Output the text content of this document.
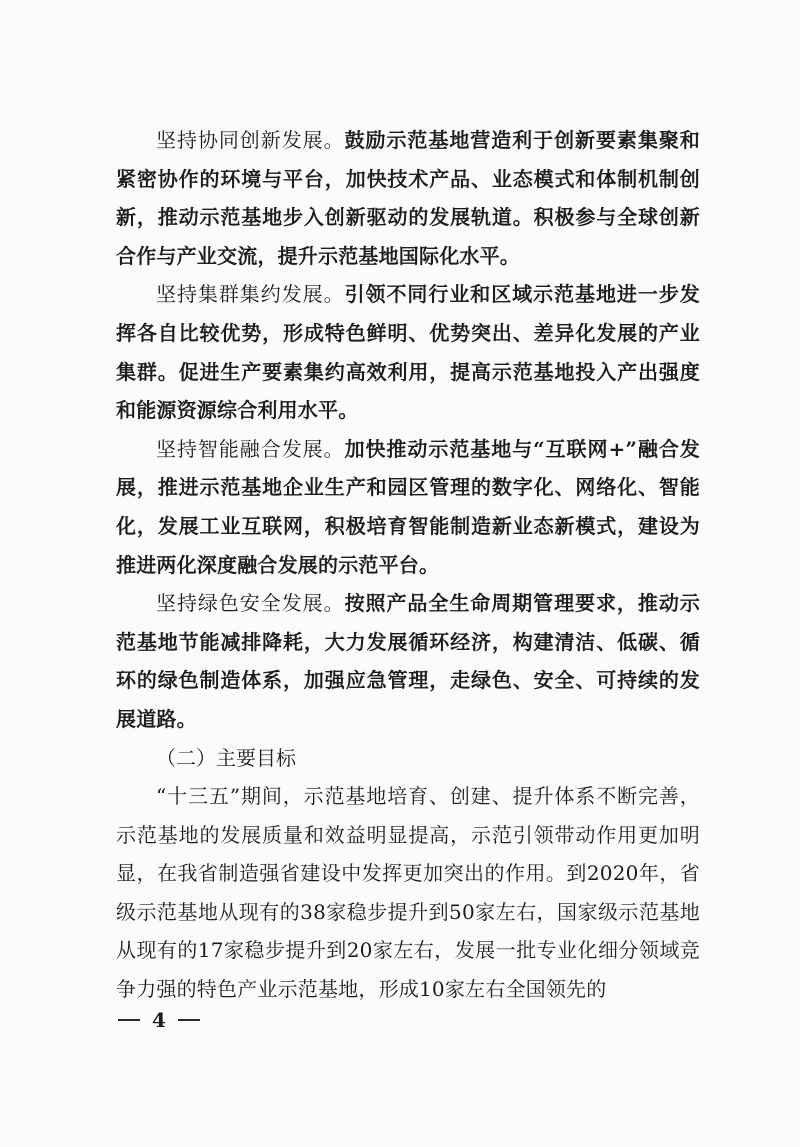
坚持协同创新发展。鼓励示范基地营造利于创新要素集聚和紧密协作的环境与平台，加快技术产品、业态模式和体制机制创新，推动示范基地步入创新驱动的发展轨道。积极参与全球创新合作与产业交流，提升示范基地国际化水平。

坚持集群集约发展。引领不同行业和区域示范基地进一步发挥各自比较优势，形成特色鲜明、优势突出、差异化发展的产业集群。促进生产要素集约高效利用，提高示范基地投入产出强度和能源资源综合利用水平。

坚持智能融合发展。加快推动示范基地与“互联网+”融合发展，推进示范基地企业生产和园区管理的数字化、网络化、智能化，发展工业互联网，积极培育智能制造新业态新模式，建设为推进两化深度融合发展的示范平台。

坚持绿色安全发展。按照产品全生命周期管理要求，推动示范基地节能减排降耗，大力发展循环经济，构建清洁、低碳、循环的绿色制造体系，加强应急管理，走绿色、安全、可持续的发展道路。

（二）主要目标

“十三五”期间，示范基地培育、创建、提升体系不断完善，示范基地的发展质量和效益明显提高，示范引领带动作用更加明显，在我省制造强省建设中发挥更加突出的作用。到2020年，省级示范基地从现有的38家稳步提升到50家左右，国家级示范基地从现有的17家稳步提升到20家左右，发展一批专业化细分领域竞争力强的特色产业示范基地，形成10家左右全国领先的

4
